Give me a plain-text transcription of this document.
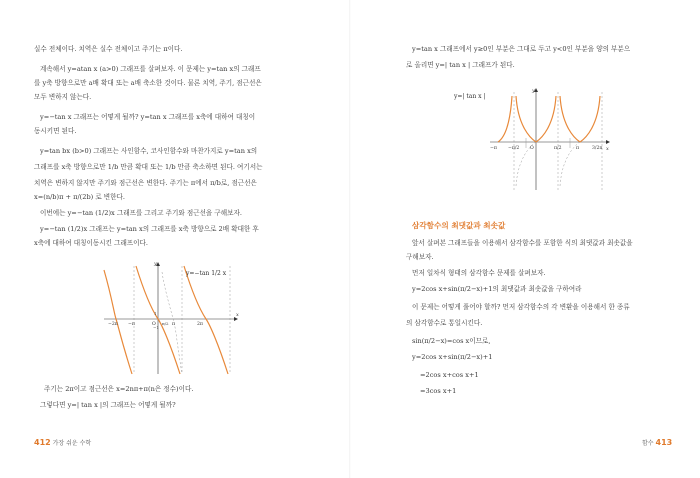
실수 전체이다. 치역은 실수 전체이고 주기는 π이다.

계속해서 y=atan x (a>0) 그래프를 살펴보자. 이 문제는 y=tan x의 그래프

를 y축 방향으로만 a배 확대 또는 a배 축소한 것이다. 물론 치역, 주기, 점근선은

모두 변하지 않는다.

y=−tan x 그래프는 어떻게 될까? y=tan x 그래프를 x축에 대하여 대칭이

동시키면 된다.

y=tan bx (b>0) 그래프는 사인함수, 코사인함수와 마찬가지로 y=tan x의

그래프를 x축 방향으로만 1/b 만큼 확대 또는 1/b 만큼 축소하면 된다. 여기서는

치역은 변하지 않지만 주기와 점근선은 변한다. 주기는 π에서 π/b로, 점근선은

x=(n/b)π + π/(2b) 로 변한다.

이번에는 y=−tan (1/2)x 그래프를 그리고 주기와 점근선을 구해보자.

y=−tan (1/2)x 그래프는 y=tan x의 그래프를 x축 방향으로 2배 확대한 후

x축에 대하여 대칭이동시킨 그래프이다.

y=−tan 1/2 x
x
y
−2π −π	O	π	2π
1
−1
π/2

주기는 2π이고 점근선은 x=2nπ+π(n은 정수)이다.

그렇다면 y=| tan x |의 그래프는 어떻게 될까?

412 가장 쉬운 수학

y=tan x 그래프에서 y≥0인 부분은 그대로 두고 y<0인 부분을 양의 부분으

로 올리면 y=| tan x | 그래프가 된다.

y=| tan x |
x
y
−π −π/2 O	π/2	π	3/2π
삼각함수의 최댓값과 최솟값

앞서 살펴본 그래프들을 이용해서 삼각함수를 포함한 식의 최댓값과 최솟값을

구해보자.

먼저 일차식 형태의 삼각함수 문제를 살펴보자.

y=2cos x+sin(π/2−x)+1의 최댓값과 최솟값을 구하여라

이 문제는 어떻게 풀어야 할까? 먼저 삼각함수의 각 변환을 이용해서 한 종류

의 삼각함수로 통일시킨다.

sin(π/2−x)=cos x이므로,

y=2cos x+sin(π/2−x)+1

=2cos x+cos x+1

=3cos x+1

함수 413
